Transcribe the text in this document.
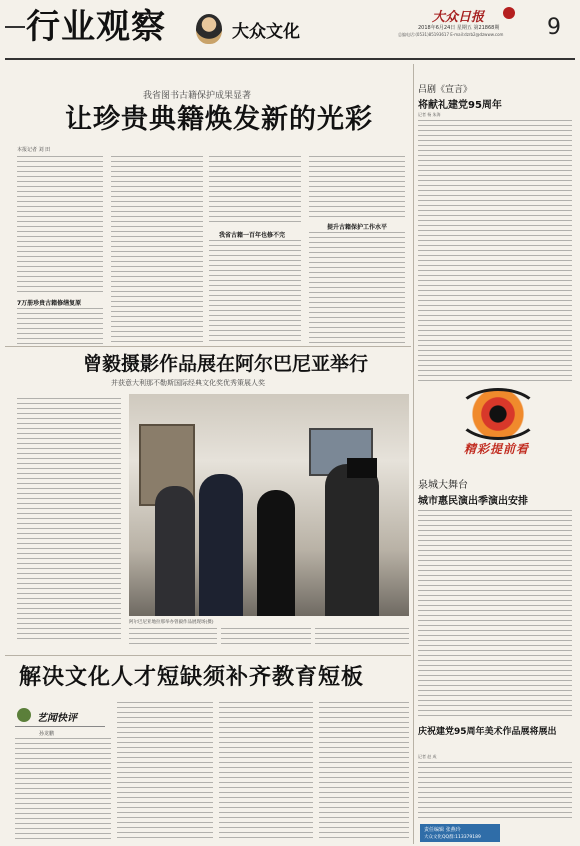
行业观察	大众文化
大众日报
2018年6月24日 星期五 第21868期
总编电话:(0531)85193617 E-mail:dzrb2@dzwww.com 9
我省图书古籍保护成果显著
让珍贵典籍焕发新的光彩
本报记者 刘 田
7万册珍贵古籍修缮复原
我省古籍一百年也修不完
提升古籍保护工作水平
吕剧《宣言》
将献礼建党95周年
记者 杨 朱海
曾毅摄影作品展在阿尔巴尼亚举行
并获意大利那不勒斯国际经典文化奖优秀策展人奖
阿尔巴尼亚地拉那举办曾毅作品展现场(摄)
精彩提前看
泉城大舞台
城市惠民演出季演出安排
解决文化人才短缺须补齐教育短板
艺闻快评
孙龙鹏	庆祝建党95周年美术作品展将展出
记者 赵 成
责任编辑 张燕玲
大众文化QQ群:113379189
